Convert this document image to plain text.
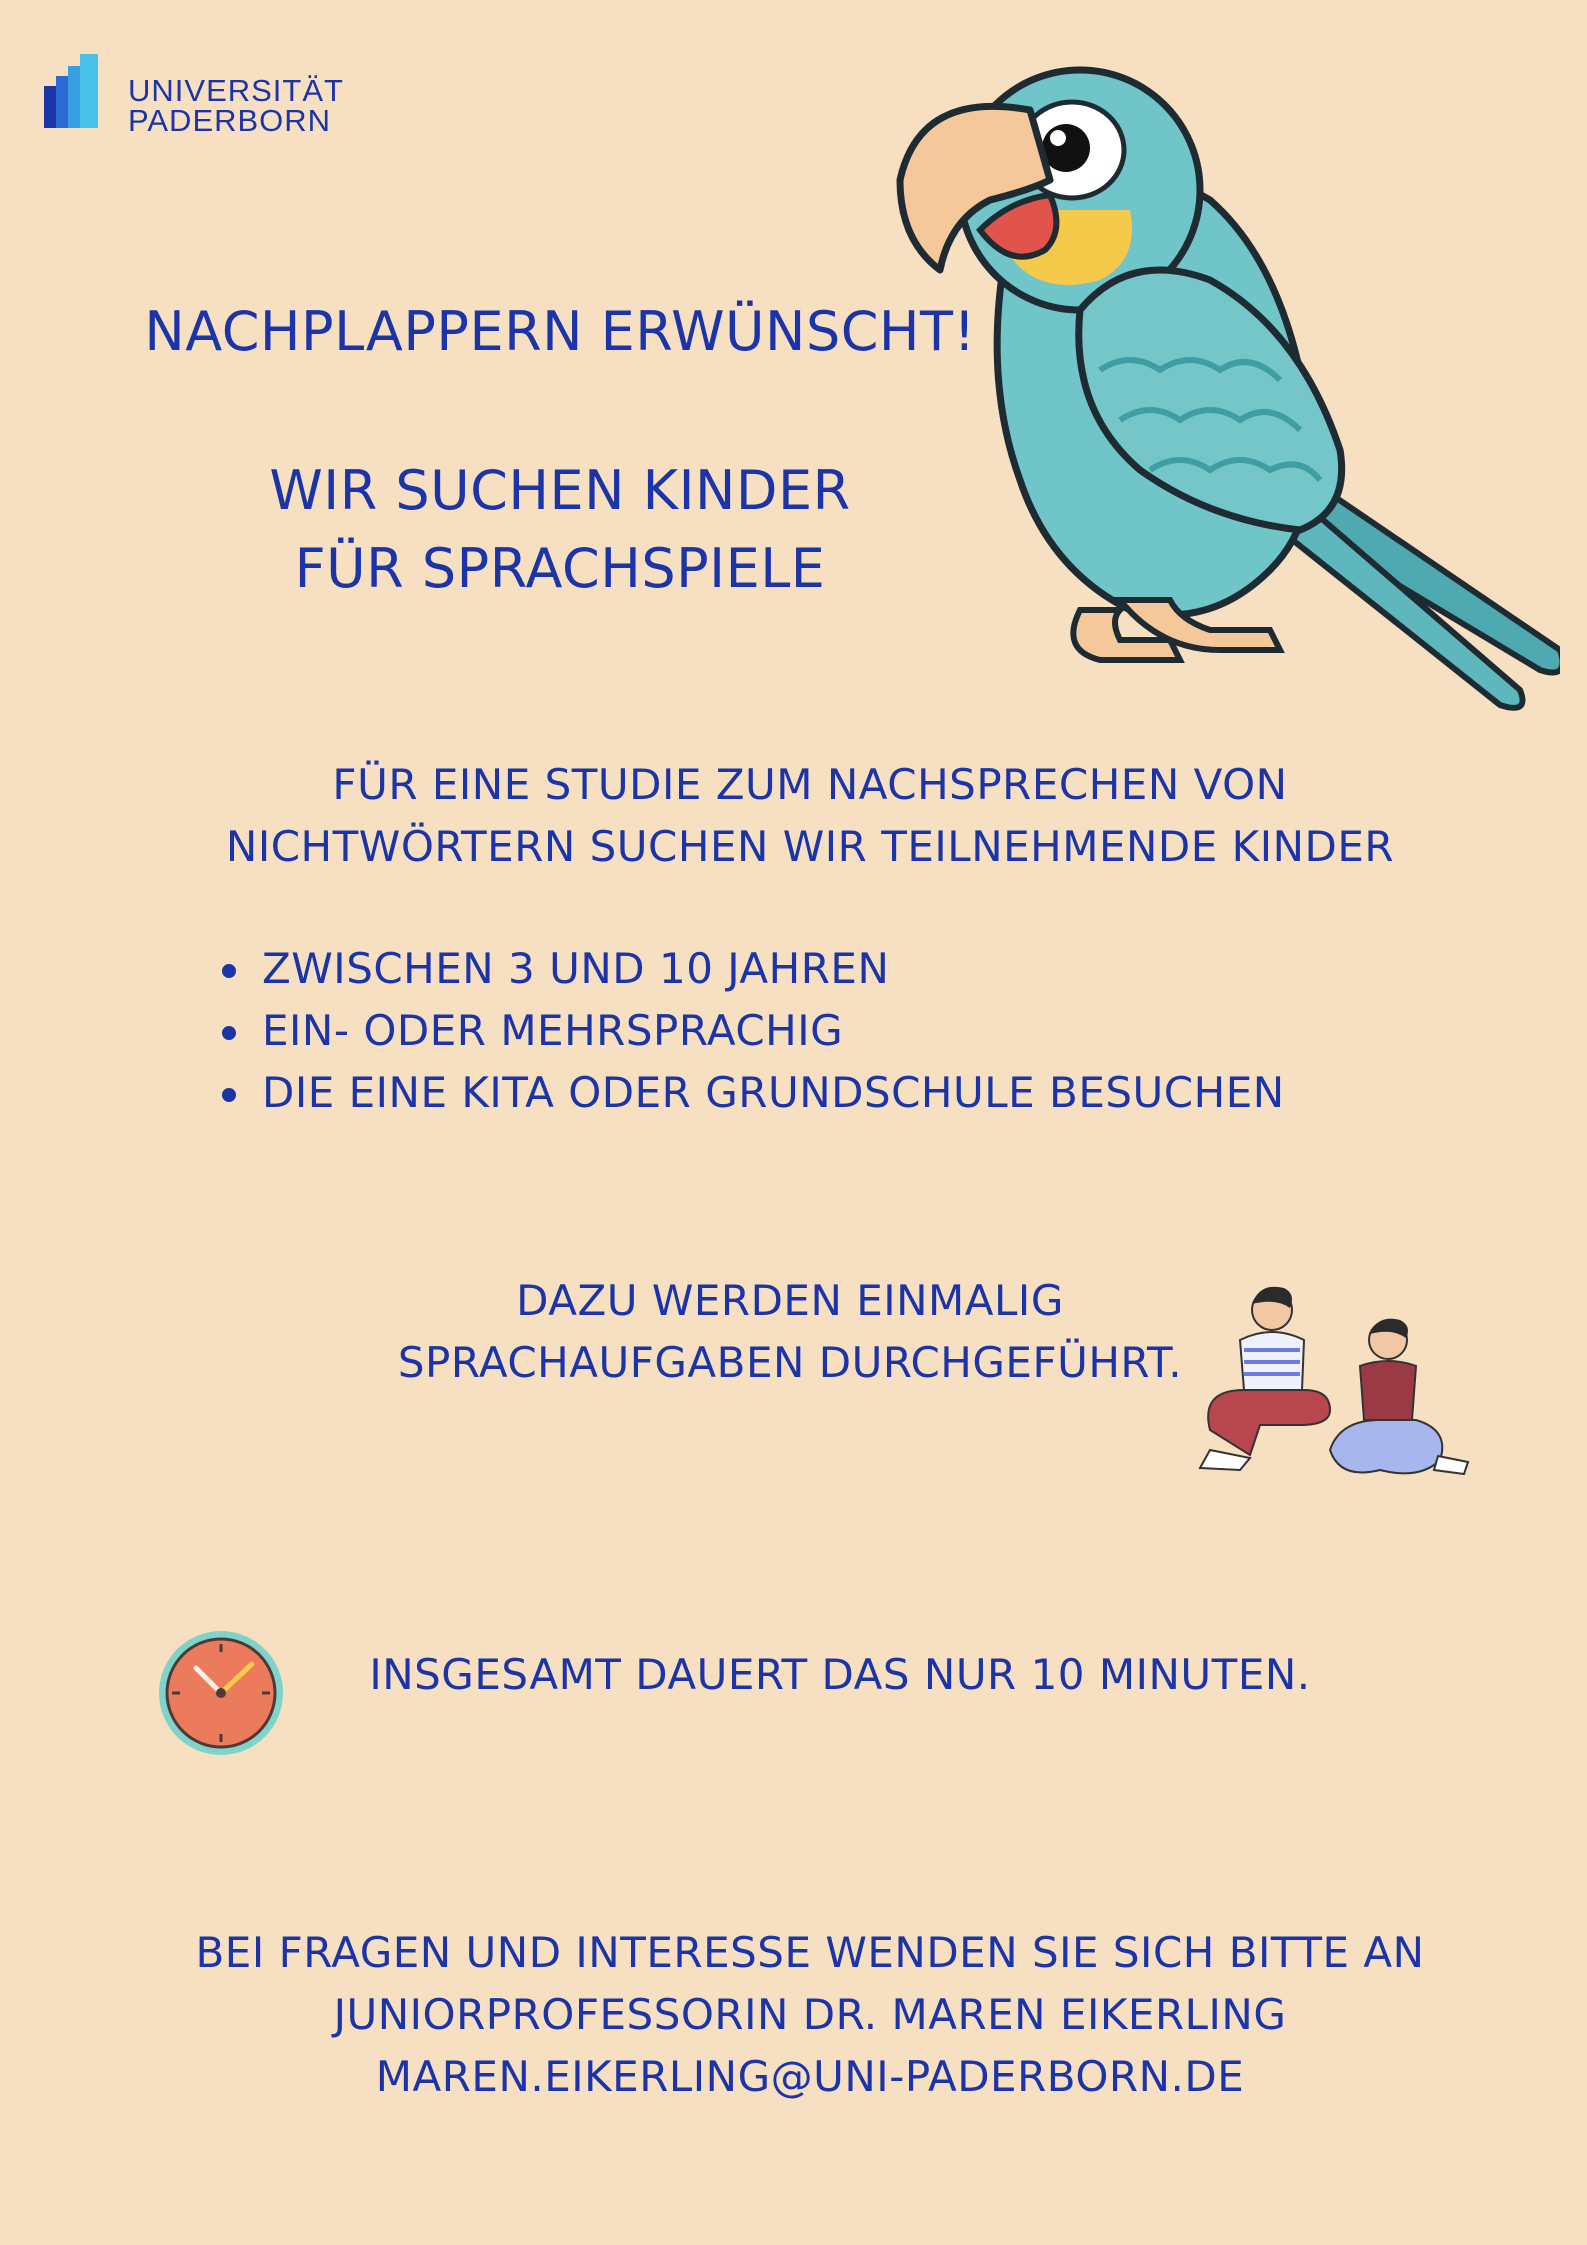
UNIVERSITÄT
PADERBORN
NACHPLAPPERN ERWÜNSCHT!
WIR SUCHEN KINDER
FÜR SPRACHSPIELE
FÜR EINE STUDIE ZUM NACHSPRECHEN VON
NICHTWÖRTERN SUCHEN WIR TEILNEHMENDE KINDER
ZWISCHEN 3 UND 10 JAHREN
EIN- ODER MEHRSPRACHIG
DIE EINE KITA ODER GRUNDSCHULE BESUCHEN
DAZU WERDEN EINMALIG
SPRACHAUFGABEN DURCHGEFÜHRT.
INSGESAMT DAUERT DAS NUR 10 MINUTEN.
BEI FRAGEN UND INTERESSE WENDEN SIE SICH BITTE AN
JUNIORPROFESSORIN DR. MAREN EIKERLING
MAREN.EIKERLING@UNI-PADERBORN.DE
